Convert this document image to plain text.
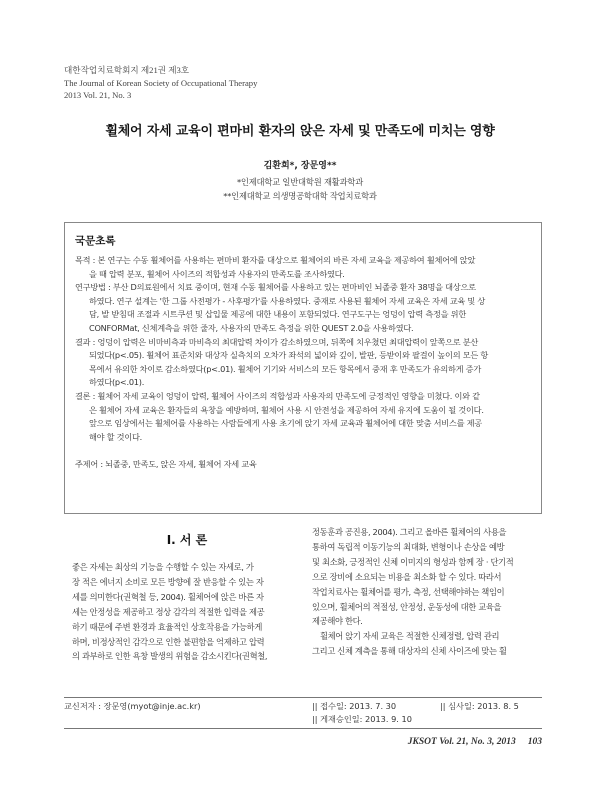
대한작업치료학회지 제21권 제3호
The Journal of Korean Society of Occupational Therapy
2013 Vol. 21, No. 3
휠체어 자세 교육이 편마비 환자의 앉은 자세 및 만족도에 미치는 영향
김환희*, 장문영**
*인제대학교 일반대학원 재활과학과
**인제대학교 의생명공학대학 작업치료학과
국문초록
목적 : 본 연구는 수동 휠체어를 사용하는 편마비 환자를 대상으로 휠체어의 바른 자세 교육을 제공하여 휠체어에 앉았
을 때 압력 분포, 휠체어 사이즈의 적합성과 사용자의 만족도를 조사하였다.
연구방법 : 부산 D의료원에서 치료 중이며, 현재 수동 휠체어를 사용하고 있는 편마비인 뇌졸중 환자 38명을 대상으로
하였다. 연구 설계는 '한 그룹 사전평가 - 사후평가'를 사용하였다. 중재로 사용된 휠체어 자세 교육은 자세 교육 및 상
담, 발 받침대 조절과 시트쿠션 및 삽입물 제공에 대한 내용이 포함되었다. 연구도구는 엉덩이 압력 측정을 위한
CONFORMat, 신체계측을 위한 줄자, 사용자의 만족도 측정을 위한 QUEST 2.0을 사용하였다.
결과 : 엉덩이 압력은 비마비측과 마비측의 최대압력 차이가 감소하였으며, 뒤쪽에 치우쳤던 최대압력이 앞쪽으로 분산
되었다(p<.05). 휠체어 표준치와 대상자 실측치의 오차가 좌석의 넓이와 깊이, 발판, 등받이와 팔걸이 높이의 모든 항
목에서 유의한 차이로 감소하였다(p<.01). 휠체어 기기와 서비스의 모든 항목에서 중재 후 만족도가 유의하게 증가
하였다(p<.01).
결론 : 휠체어 자세 교육이 엉덩이 압력, 휠체어 사이즈의 적합성과 사용자의 만족도에 긍정적인 영향을 미쳤다. 이와 같
은 휠체어 자세 교육은 환자들의 욕창을 예방하며, 휠체어 사용 시 안전성을 제공하여 자세 유지에 도움이 될 것이다.
앞으로 임상에서는 휠체어를 사용하는 사람들에게 사용 초기에 앉기 자세 교육과 휠체어에 대한 맞춤 서비스를 제공
해야 할 것이다.
주제어 : 뇌졸중, 만족도, 앉은 자세, 휠체어 자세 교육
Ⅰ. 서 론
좋은 자세는 최상의 기능을 수행할 수 있는 자세로, 가
장 적은 에너지 소비로 모든 방향에 잘 반응할 수 있는 자
세를 의미한다(권혁철 등, 2004). 휠체어에 앉은 바른 자
세는 안정성을 제공하고 정상 감각의 적절한 입력을 제공
하기 때문에 주변 환경과 효율적인 상호작용을 가능하게
하며, 비정상적인 감각으로 인한 불편함을 억제하고 압력
의 과부하로 인한 욕창 발생의 위험을 감소시킨다(권혁철,
정동훈과 공진용, 2004). 그리고 올바른 휠체어의 사용을
통하여 독립적 이동기능의 최대화, 변형이나 손상을 예방
및 최소화, 긍정적인 신체 이미지의 형성과 함께 장 · 단기적
으로 장비에 소요되는 비용을 최소화 할 수 있다. 따라서
작업치료사는 휠체어를 평가, 측정, 선택해야하는 책임이
있으며, 휠체어의 적절성, 안정성, 운동성에 대한 교육을
제공해야 한다.
　휠체어 앉기 자세 교육은 적절한 신체정렬, 압력 관리
그리고 신체 계측을 통해 대상자의 신체 사이즈에 맞는 휠
교신저자 : 장문영(myot@inje.ac.kr)	|| 접수일: 2013. 7. 30
|| 게재승인일: 2013. 9. 10
|| 심사일: 2013. 8. 5
JKSOT Vol. 21, No. 3, 2013 103
